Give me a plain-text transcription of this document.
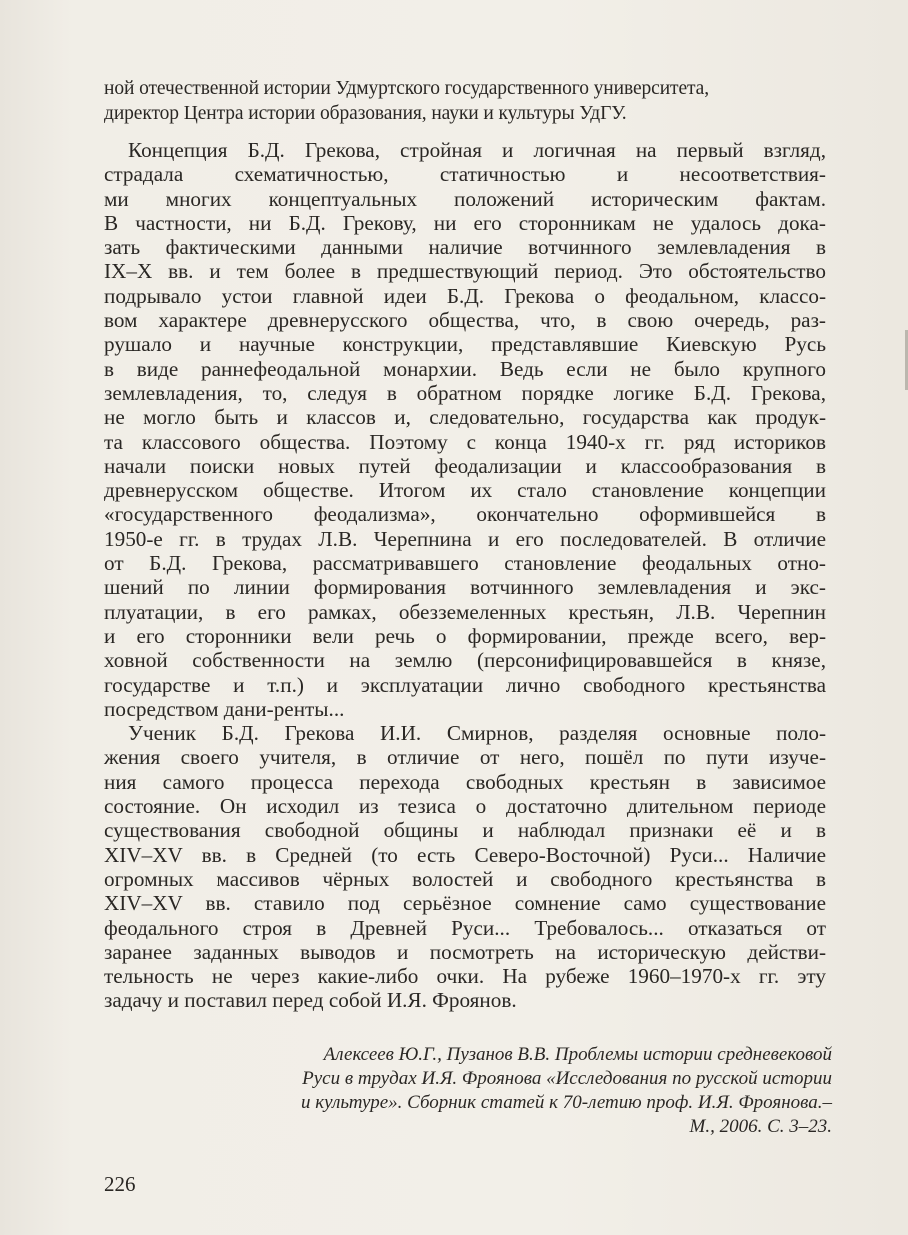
ной отечественной истории Удмуртского государственного университета,
директор Центра истории образования, науки и культуры УдГУ.
Концепция Б.Д. Грекова, стройная и логичная на первый взгляд,
страдала схематичностью, статичностью и несоответствия-
ми многих концептуальных положений историческим фактам.
В частности, ни Б.Д. Грекову, ни его сторонникам не удалось дока-
зать фактическими данными наличие вотчинного землевладения в
IX–X вв. и тем более в предшествующий период. Это обстоятельство
подрывало устои главной идеи Б.Д. Грекова о феодальном, классо-
вом характере древнерусского общества, что, в свою очередь, раз-
рушало и научные конструкции, представлявшие Киевскую Русь
в виде раннефеодальной монархии. Ведь если не было крупного
землевладения, то, следуя в обратном порядке логике Б.Д. Грекова,
не могло быть и классов и, следовательно, государства как продук-
та классового общества. Поэтому с конца 1940-х гг. ряд историков
начали поиски новых путей феодализации и классообразования в
древнерусском обществе. Итогом их стало становление концепции
«государственного феодализма», окончательно оформившейся в
1950-е гг. в трудах Л.В. Черепнина и его последователей. В отличие
от Б.Д. Грекова, рассматривавшего становление феодальных отно-
шений по линии формирования вотчинного землевладения и экс-
плуатации, в его рамках, обезземеленных крестьян, Л.В. Черепнин
и его сторонники вели речь о формировании, прежде всего, вер-
ховной собственности на землю (персонифицировавшейся в князе,
государстве и т.п.) и эксплуатации лично свободного крестьянства
посредством дани-ренты...
Ученик Б.Д. Грекова И.И. Смирнов, разделяя основные поло-
жения своего учителя, в отличие от него, пошёл по пути изуче-
ния самого процесса перехода свободных крестьян в зависимое
состояние. Он исходил из тезиса о достаточно длительном периоде
существования свободной общины и наблюдал признаки её и в
XIV–XV вв. в Средней (то есть Северо-Восточной) Руси... Наличие
огромных массивов чёрных волостей и свободного крестьянства в
XIV–XV вв. ставило под серьёзное сомнение само существование
феодального строя в Древней Руси... Требовалось... отказаться от
заранее заданных выводов и посмотреть на историческую действи-
тельность не через какие-либо очки. На рубеже 1960–1970-х гг. эту
задачу и поставил перед собой И.Я. Фроянов.
Алексеев Ю.Г., Пузанов В.В. Проблемы истории средневековой
Руси в трудах И.Я. Фроянова «Исследования по русской истории
и культуре». Сборник статей к 70-летию проф. И.Я. Фроянова.–
М., 2006. С. 3–23.
226
